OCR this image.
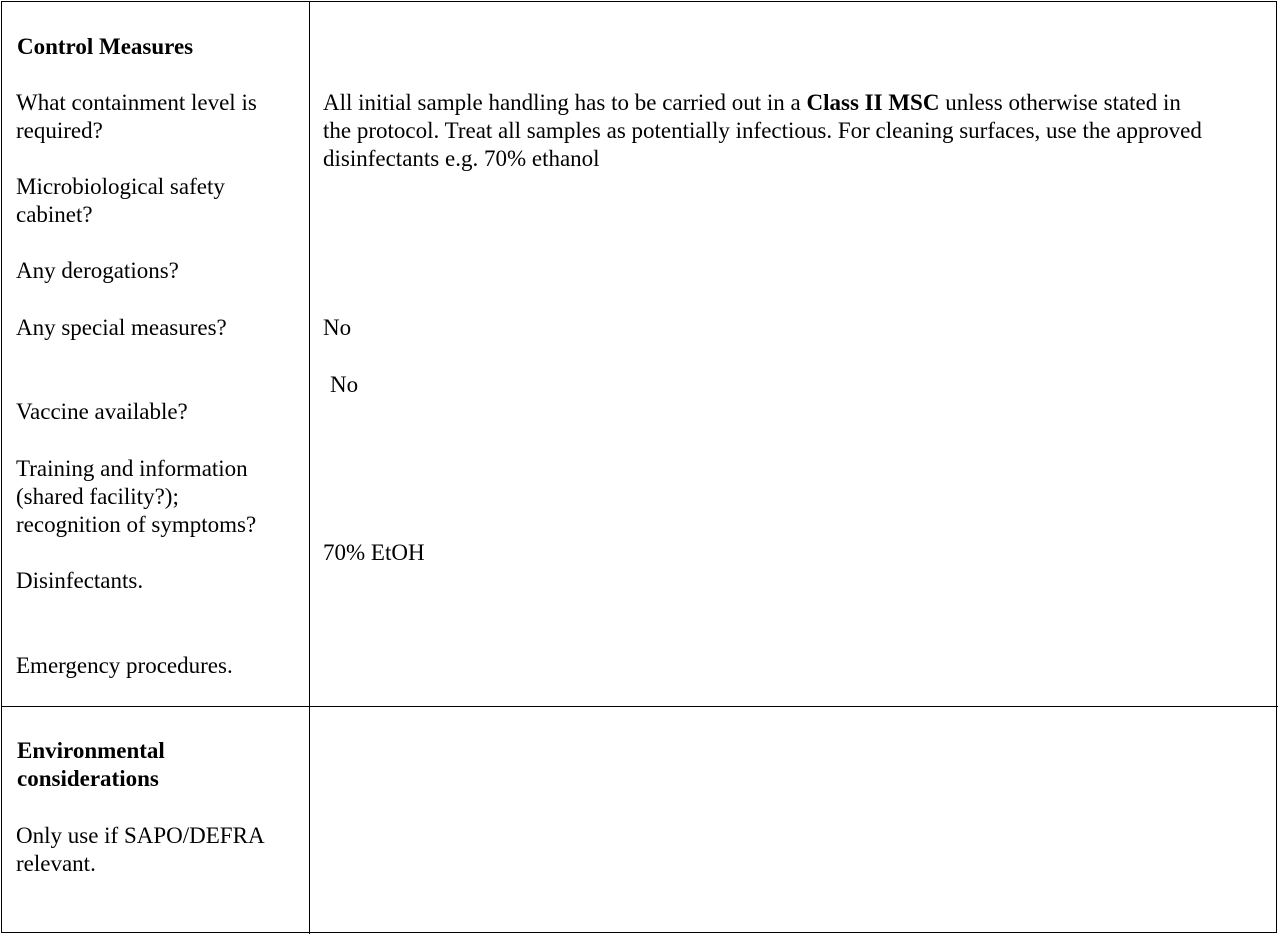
Control Measures
What containment level is
required?
Microbiological safety
cabinet?
Any derogations?
Any special measures?
Vaccine available?
Training and information
(shared facility?);
recognition of symptoms?
Disinfectants.
Emergency procedures.
All initial sample handling has to be carried out in a Class II MSC unless otherwise stated in
the protocol. Treat all samples as potentially infectious. For cleaning surfaces, use the approved
disinfectants e.g. 70% ethanol
No
No
70% EtOH
Environmental
considerations
Only use if SAPO/DEFRA
relevant.
